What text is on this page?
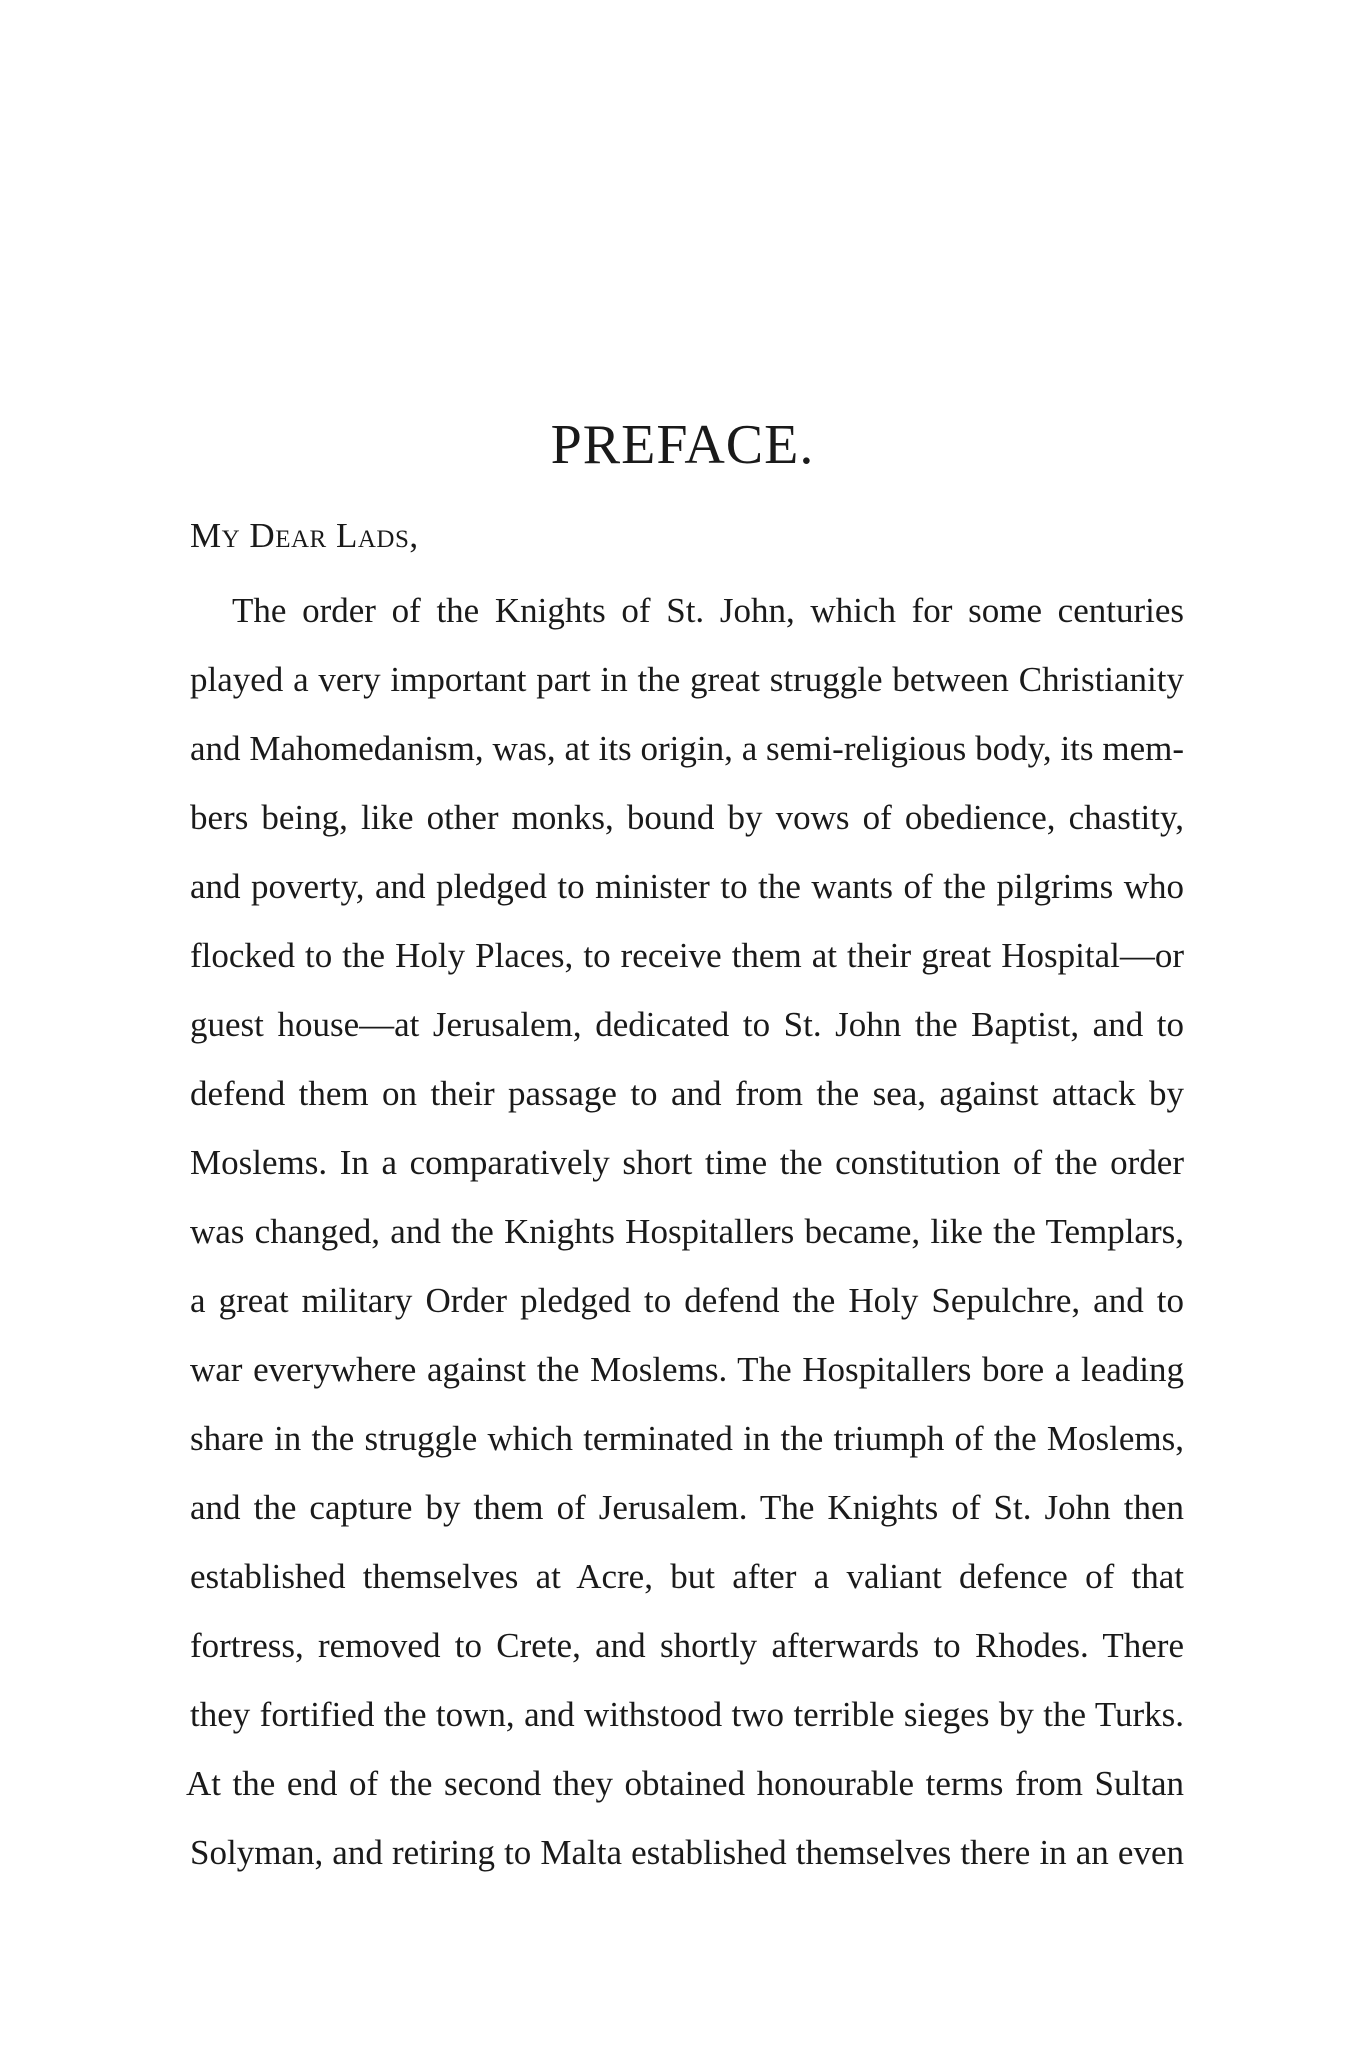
PREFACE.

My Dear Lads,

The order of the Knights of St. John, which for some centuries
played a very important part in the great struggle between Christianity
and Mahomedanism, was, at its origin, a semi-religious body, its mem-
bers being, like other monks, bound by vows of obedience, chastity,
and poverty, and pledged to minister to the wants of the pilgrims who
flocked to the Holy Places, to receive them at their great Hospital—or
guest house—at Jerusalem, dedicated to St. John the Baptist, and to
defend them on their passage to and from the sea, against attack by
Moslems. In a comparatively short time the constitution of the order
was changed, and the Knights Hospitallers became, like the Templars,
a great military Order pledged to defend the Holy Sepulchre, and to
war everywhere against the Moslems. The Hospitallers bore a leading
share in the struggle which terminated in the triumph of the Moslems,
and the capture by them of Jerusalem. The Knights of St. John then
established themselves at Acre, but after a valiant defence of that
fortress, removed to Crete, and shortly afterwards to Rhodes. There
they fortified the town, and withstood two terrible sieges by the Turks.
At the end of the second they obtained honourable terms from Sultan
Solyman, and retiring to Malta established themselves there in an even
